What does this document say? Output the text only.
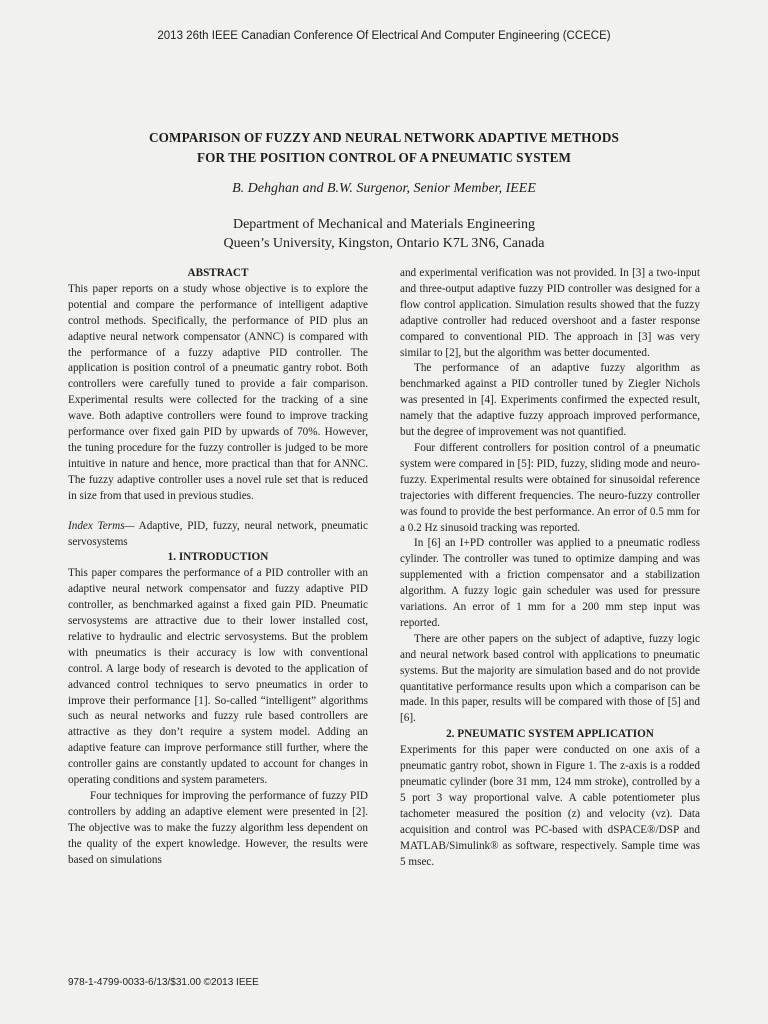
2013 26th IEEE Canadian Conference Of Electrical And Computer Engineering (CCECE)
COMPARISON OF FUZZY AND NEURAL NETWORK ADAPTIVE METHODS
FOR THE POSITION CONTROL OF A PNEUMATIC SYSTEM
B. Dehghan and B.W. Surgenor, Senior Member, IEEE
Department of Mechanical and Materials Engineering
Queen’s University, Kingston, Ontario K7L 3N6, Canada

ABSTRACT

This paper reports on a study whose objective is to explore the potential and compare the performance of intelligent adaptive control methods. Specifically, the performance of PID plus an adaptive neural network compensator (ANNC) is compared with the performance of a fuzzy adaptive PID controller. The application is position control of a pneumatic gantry robot. Both controllers were carefully tuned to provide a fair comparison. Experimental results were collected for the tracking of a sine wave. Both adaptive controllers were found to improve tracking performance over fixed gain PID by upwards of 70%. However, the tuning procedure for the fuzzy controller is judged to be more intuitive in nature and hence, more practical than that for ANNC. The fuzzy adaptive controller uses a novel rule set that is reduced in size from that used in previous studies.

Index Terms— Adaptive, PID, fuzzy, neural network, pneumatic servosystems

1. INTRODUCTION

This paper compares the performance of a PID controller with an adaptive neural network compensator and fuzzy adaptive PID controller, as benchmarked against a fixed gain PID. Pneumatic servosystems are attractive due to their lower installed cost, relative to hydraulic and electric servosystems. But the problem with pneumatics is their accuracy is low with conventional control. A large body of research is devoted to the application of advanced control techniques to servo pneumatics in order to improve their performance [1]. So-called “intelligent” algorithms such as neural networks and fuzzy rule based controllers are attractive as they don’t require a system model. Adding an adaptive feature can improve performance still further, where the controller gains are constantly updated to account for changes in operating conditions and system parameters.

Four techniques for improving the performance of fuzzy PID controllers by adding an adaptive element were presented in [2]. The objective was to make the fuzzy algorithm less dependent on the quality of the expert knowledge. However, the results were based on simulations

and experimental verification was not provided. In [3] a two-input and three-output adaptive fuzzy PID controller was designed for a flow control application. Simulation results showed that the fuzzy adaptive controller had reduced overshoot and a faster response compared to conventional PID. The approach in [3] was very similar to [2], but the algorithm was better documented.

The performance of an adaptive fuzzy algorithm as benchmarked against a PID controller tuned by Ziegler Nichols was presented in [4]. Experiments confirmed the expected result, namely that the adaptive fuzzy approach improved performance, but the degree of improvement was not quantified.

Four different controllers for position control of a pneumatic system were compared in [5]: PID, fuzzy, sliding mode and neuro-fuzzy. Experimental results were obtained for sinusoidal reference trajectories with different frequencies. The neuro-fuzzy controller was found to provide the best performance. An error of 0.5 mm for a 0.2 Hz sinusoid tracking was reported.

In [6] an I+PD controller was applied to a pneumatic rodless cylinder. The controller was tuned to optimize damping and was supplemented with a friction compensator and a stabilization algorithm. A fuzzy logic gain scheduler was used for pressure variations. An error of 1 mm for a 200 mm step input was reported.

There are other papers on the subject of adaptive, fuzzy logic and neural network based control with applications to pneumatic systems. But the majority are simulation based and do not provide quantitative performance results upon which a comparison can be made. In this paper, results will be compared with those of [5] and [6].

2. PNEUMATIC SYSTEM APPLICATION

Experiments for this paper were conducted on one axis of a pneumatic gantry robot, shown in Figure 1. The z-axis is a rodded pneumatic cylinder (bore 31 mm, 124 mm stroke), controlled by a 5 port 3 way proportional valve. A cable potentiometer plus tachometer measured the position (z) and velocity (vz). Data acquisition and control was PC-based with dSPACE®/DSP and MATLAB/Simulink® as software, respectively. Sample time was 5 msec.

978-1-4799-0033-6/13/$31.00 ©2013 IEEE
